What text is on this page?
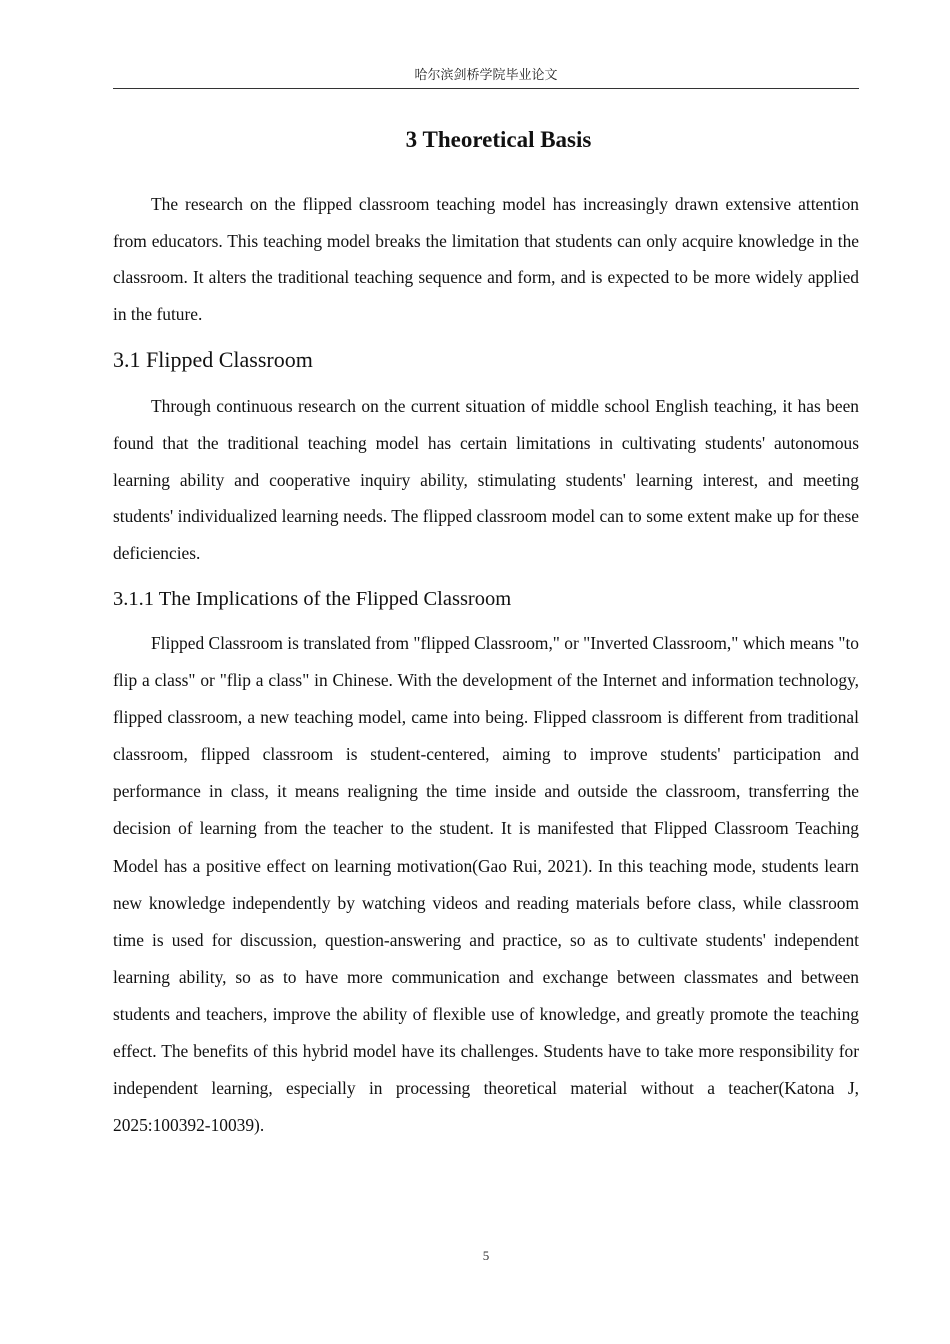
哈尔滨剑桥学院毕业论文
3 Theoretical Basis

The research on the flipped classroom teaching model has increasingly drawn extensive attention from educators. This teaching model breaks the limitation that students can only acquire knowledge in the classroom. It alters the traditional teaching sequence and form, and is expected to be more widely applied in the future.

3.1 Flipped Classroom

Through continuous research on the current situation of middle school English teaching, it has been found that the traditional teaching model has certain limitations in cultivating students' autonomous learning ability and cooperative inquiry ability, stimulating students' learning interest, and meeting students' individualized learning needs. The flipped classroom model can to some extent make up for these deficiencies.

3.1.1 The Implications of the Flipped Classroom

Flipped Classroom is translated from "flipped Classroom," or "Inverted Classroom," which means "to flip a class" or "flip a class" in Chinese. With the development of the Internet and information technology, flipped classroom, a new teaching model, came into being. Flipped classroom is different from traditional classroom, flipped classroom is student-centered, aiming to improve students' participation and performance in class, it means realigning the time inside and outside the classroom, transferring the decision of learning from the teacher to the student. It is manifested that Flipped Classroom Teaching Model has a positive effect on learning motivation(Gao Rui, 2021). In this teaching mode, students learn new knowledge independently by watching videos and reading materials before class, while classroom time is used for discussion, question-answering and practice, so as to cultivate students' independent learning ability, so as to have more communication and exchange between classmates and between students and teachers, improve the ability of flexible use of knowledge, and greatly promote the teaching effect. The benefits of this hybrid model have its challenges. Students have to take more responsibility for independent learning, especially in processing theoretical material without a teacher(Katona J, 2025:100392-10039).

5
